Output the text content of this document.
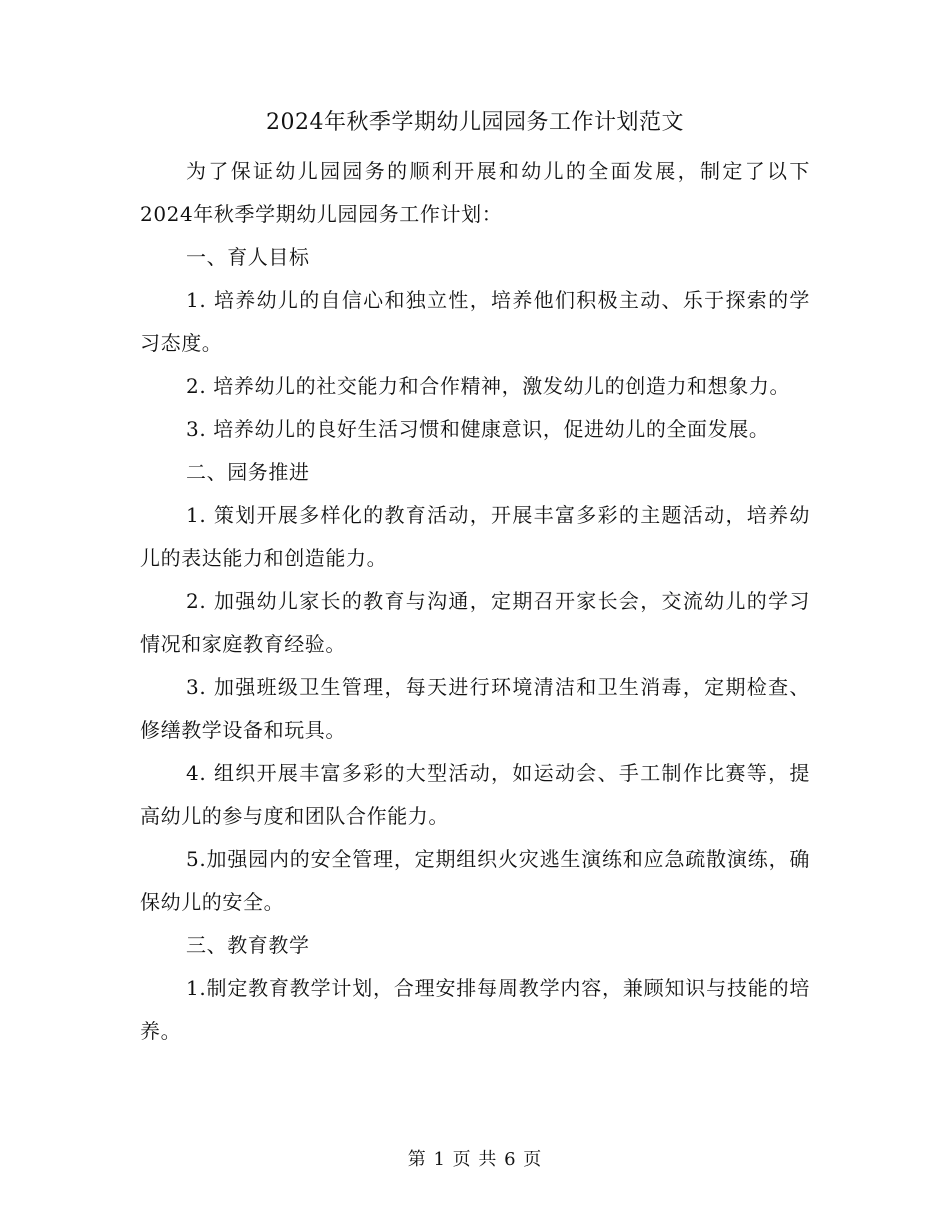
2024年秋季学期幼儿园园务工作计划范文

为了保证幼儿园园务的顺利开展和幼儿的全面发展，制定了以下2024年秋季学期幼儿园园务工作计划：

一、育人目标

1. 培养幼儿的自信心和独立性，培养他们积极主动、乐于探索的学习态度。

2. 培养幼儿的社交能力和合作精神，激发幼儿的创造力和想象力。

3. 培养幼儿的良好生活习惯和健康意识，促进幼儿的全面发展。

二、园务推进

1. 策划开展多样化的教育活动，开展丰富多彩的主题活动，培养幼儿的表达能力和创造能力。

2. 加强幼儿家长的教育与沟通，定期召开家长会，交流幼儿的学习情况和家庭教育经验。

3. 加强班级卫生管理，每天进行环境清洁和卫生消毒，定期检查、修缮教学设备和玩具。

4. 组织开展丰富多彩的大型活动，如运动会、手工制作比赛等，提高幼儿的参与度和团队合作能力。

5.加强园内的安全管理，定期组织火灾逃生演练和应急疏散演练，确保幼儿的安全。

三、教育教学

1.制定教育教学计划，合理安排每周教学内容，兼顾知识与技能的培养。

第 1 页 共 6 页
